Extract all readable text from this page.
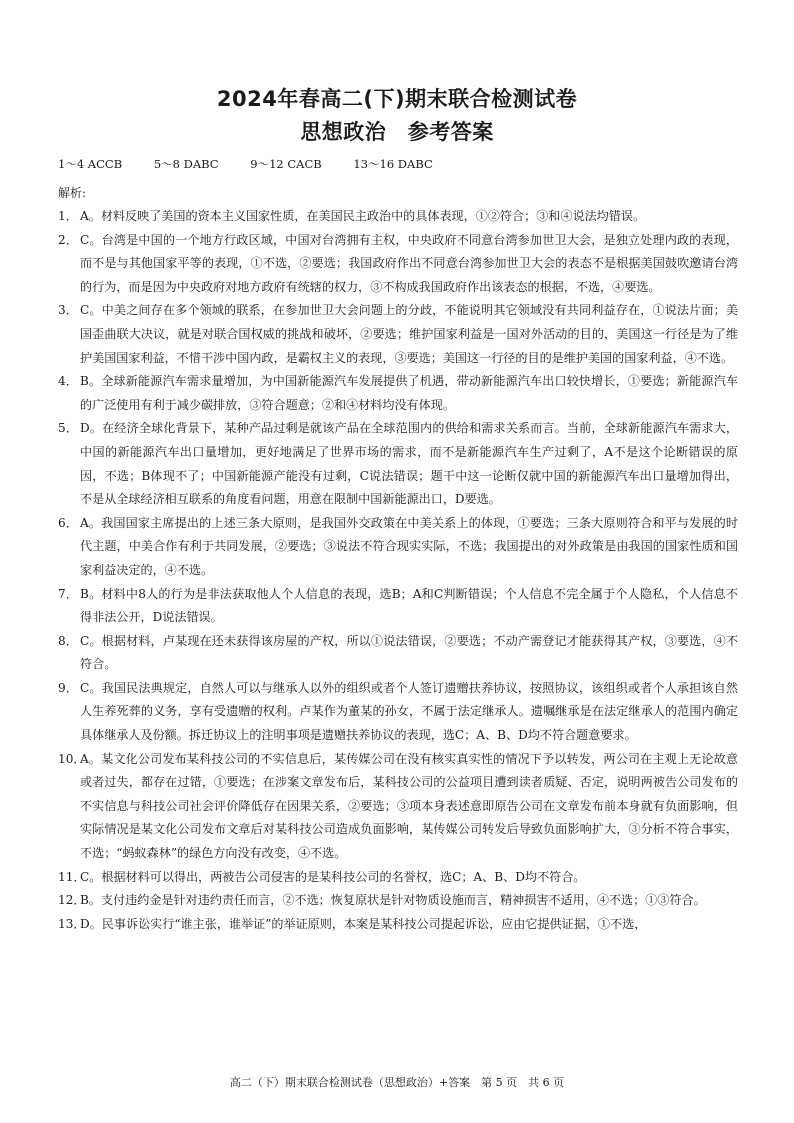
2024年春高二(下)期末联合检测试卷
思想政治　参考答案
1～4 ACCB	5～8 DABC	9～12 CACB	13～16 DABC
解析:
1． A。材料反映了美国的资本主义国家性质，在美国民主政治中的具体表现，①②符合；③和④说法均错误。
2． C。台湾是中国的一个地方行政区域，中国对台湾拥有主权，中央政府不同意台湾参加世卫大会，是独立处理内政的表现，而不是与其他国家平等的表现，①不选，②要选；我国政府作出不同意台湾参加世卫大会的表态不是根据美国鼓吹邀请台湾的行为，而是因为中央政府对地方政府有统辖的权力，③不构成我国政府作出该表态的根据，不选，④要选。
3． C。中美之间存在多个领域的联系，在参加世卫大会问题上的分歧，不能说明其它领域没有共同利益存在，①说法片面；美国歪曲联大决议，就是对联合国权威的挑战和破坏，②要选；维护国家利益是一国对外活动的目的，美国这一行径是为了维护美国国家利益，不惜干涉中国内政，是霸权主义的表现，③要选；美国这一行径的目的是维护美国的国家利益，④不选。
4． B。全球新能源汽车需求量增加，为中国新能源汽车发展提供了机遇，带动新能源汽车出口较快增长，①要选；新能源汽车的广泛使用有利于减少碳排放，③符合题意；②和④材料均没有体现。
5． D。在经济全球化背景下，某种产品过剩是就该产品在全球范围内的供给和需求关系而言。当前，全球新能源汽车需求大，中国的新能源汽车出口量增加，更好地满足了世界市场的需求，而不是新能源汽车生产过剩了，A不是这个论断错误的原因，不选；B体现不了；中国新能源产能没有过剩，C说法错误；题干中这一论断仅就中国的新能源汽车出口量增加得出，不是从全球经济相互联系的角度看问题，用意在限制中国新能源出口，D要选。
6． A。我国国家主席提出的上述三条大原则，是我国外交政策在中美关系上的体现，①要选；三条大原则符合和平与发展的时代主题，中美合作有利于共同发展，②要选；③说法不符合现实实际，不选；我国提出的对外政策是由我国的国家性质和国家利益决定的，④不选。
7． B。材料中8人的行为是非法获取他人个人信息的表现，选B；A和C判断错误；个人信息不完全属于个人隐私，个人信息不得非法公开，D说法错误。
8． C。根据材料，卢某现在还未获得该房屋的产权，所以①说法错误，②要选；不动产需登记才能获得其产权，③要选，④不符合。
9． C。我国民法典规定，自然人可以与继承人以外的组织或者个人签订遗赠扶养协议，按照协议，该组织或者个人承担该自然人生养死葬的义务，享有受遗赠的权利。卢某作为董某的孙女，不属于法定继承人。遗嘱继承是在法定继承人的范围内确定具体继承人及份额。拆迁协议上的注明事项是遗赠扶养协议的表现，选C；A、B、D均不符合题意要求。
10．
A。某文化公司发布某科技公司的不实信息后，某传媒公司在没有核实真实性的情况下予以转发，两公司在主观上无论故意或者过失，都存在过错，①要选；在涉案文章发布后，某科技公司的公益项目遭到读者质疑、否定，说明两被告公司发布的不实信息与科技公司社会评价降低存在因果关系，②要选；③项本身表述意即原告公司在文章发布前本身就有负面影响，但实际情况是某文化公司发布文章后对某科技公司造成负面影响，某传媒公司转发后导致负面影响扩大，③分析不符合事实，不选；“蚂蚁森林”的绿色方向没有改变，④不选。
11．
C。根据材料可以得出，两被告公司侵害的是某科技公司的名誉权，选C；A、B、D均不符合。
12．
B。支付违约金是针对违约责任而言，②不选；恢复原状是针对物质设施而言，精神损害不适用，④不选；①③符合。
13．
D。民事诉讼实行“谁主张，谁举证”的举证原则，本案是某科技公司提起诉讼，应由它提供证据，①不选，
高二（下）期末联合检测试卷（思想政治）+答案　第 5 页　共 6 页
